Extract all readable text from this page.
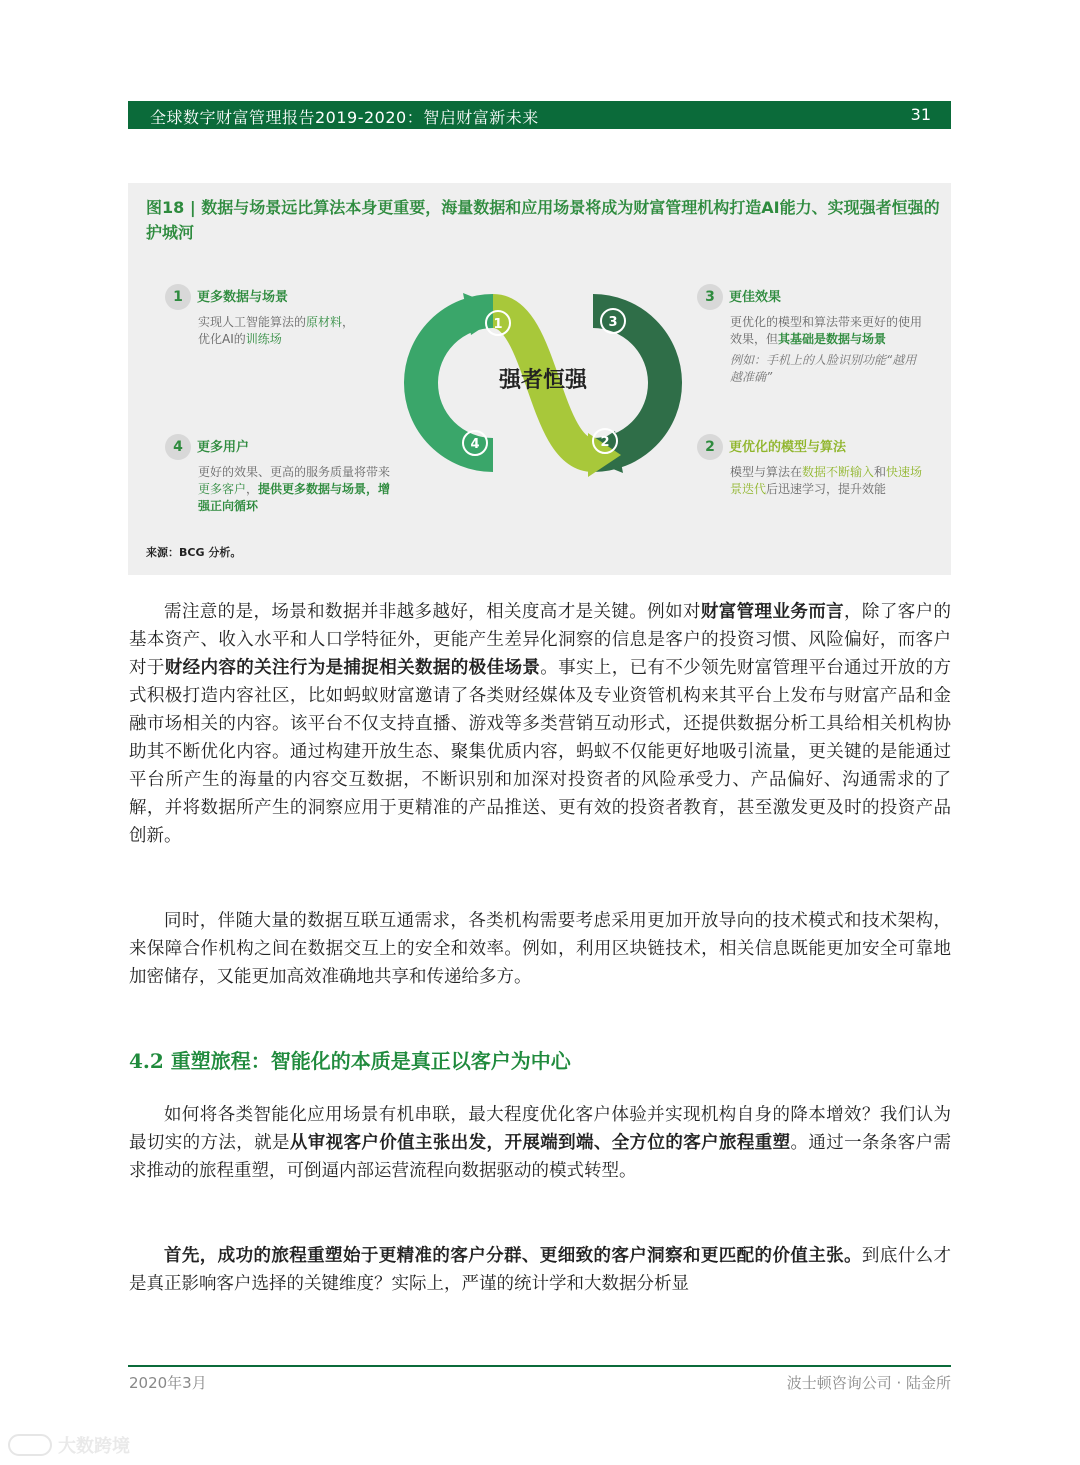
全球数字财富管理报告2019-2020：智启财富新未来	31
图18 | 数据与场景远比算法本身更重要，海量数据和应用场景将成为财富管理机构打造AI能力、实现强者恒强的护城河
1	3
2
4
强者恒强
1	更多数据与场景
实现人工智能算法的原材料，
优化AI的训练场
3	更佳效果
更优化的模型和算法带来更好的使用效果，但其基础是数据与场景
例如：手机上的人脸识别功能“越用越准确”
4	更多用户
更好的效果、更高的服务质量将带来更多客户，提供更多数据与场景，增强正向循环
2	更优化的模型与算法
模型与算法在数据不断输入和快速场景迭代后迅速学习，提升效能
来源：BCG 分析。
需注意的是，场景和数据并非越多越好，相关度高才是关键。例如对财富管理业务而言，除了客户的基本资产、收入水平和人口学特征外，更能产生差异化洞察的信息是客户的投资习惯、风险偏好，而客户对于财经内容的关注行为是捕捉相关数据的极佳场景。事实上，已有不少领先财富管理平台通过开放的方式积极打造内容社区，比如蚂蚁财富邀请了各类财经媒体及专业资管机构来其平台上发布与财富产品和金融市场相关的内容。该平台不仅支持直播、游戏等多类营销互动形式，还提供数据分析工具给相关机构协助其不断优化内容。通过构建开放生态、聚集优质内容，蚂蚁不仅能更好地吸引流量，更关键的是能通过平台所产生的海量的内容交互数据，不断识别和加深对投资者的风险承受力、产品偏好、沟通需求的了解，并将数据所产生的洞察应用于更精准的产品推送、更有效的投资者教育，甚至激发更及时的投资产品创新。
同时，伴随大量的数据互联互通需求，各类机构需要考虑采用更加开放导向的技术模式和技术架构，来保障合作机构之间在数据交互上的安全和效率。例如，利用区块链技术，相关信息既能更加安全可靠地加密储存，又能更加高效准确地共享和传递给多方。
4.2 重塑旅程：智能化的本质是真正以客户为中心
如何将各类智能化应用场景有机串联，最大程度优化客户体验并实现机构自身的降本增效？我们认为最切实的方法，就是从审视客户价值主张出发，开展端到端、全方位的客户旅程重塑。通过一条条客户需求推动的旅程重塑，可倒逼内部运营流程向数据驱动的模式转型。
首先，成功的旅程重塑始于更精准的客户分群、更细致的客户洞察和更匹配的价值主张。到底什么才是真正影响客户选择的关键维度？实际上，严谨的统计学和大数据分析显
2020年3月	波士顿咨询公司 · 陆金所
大数跨境
